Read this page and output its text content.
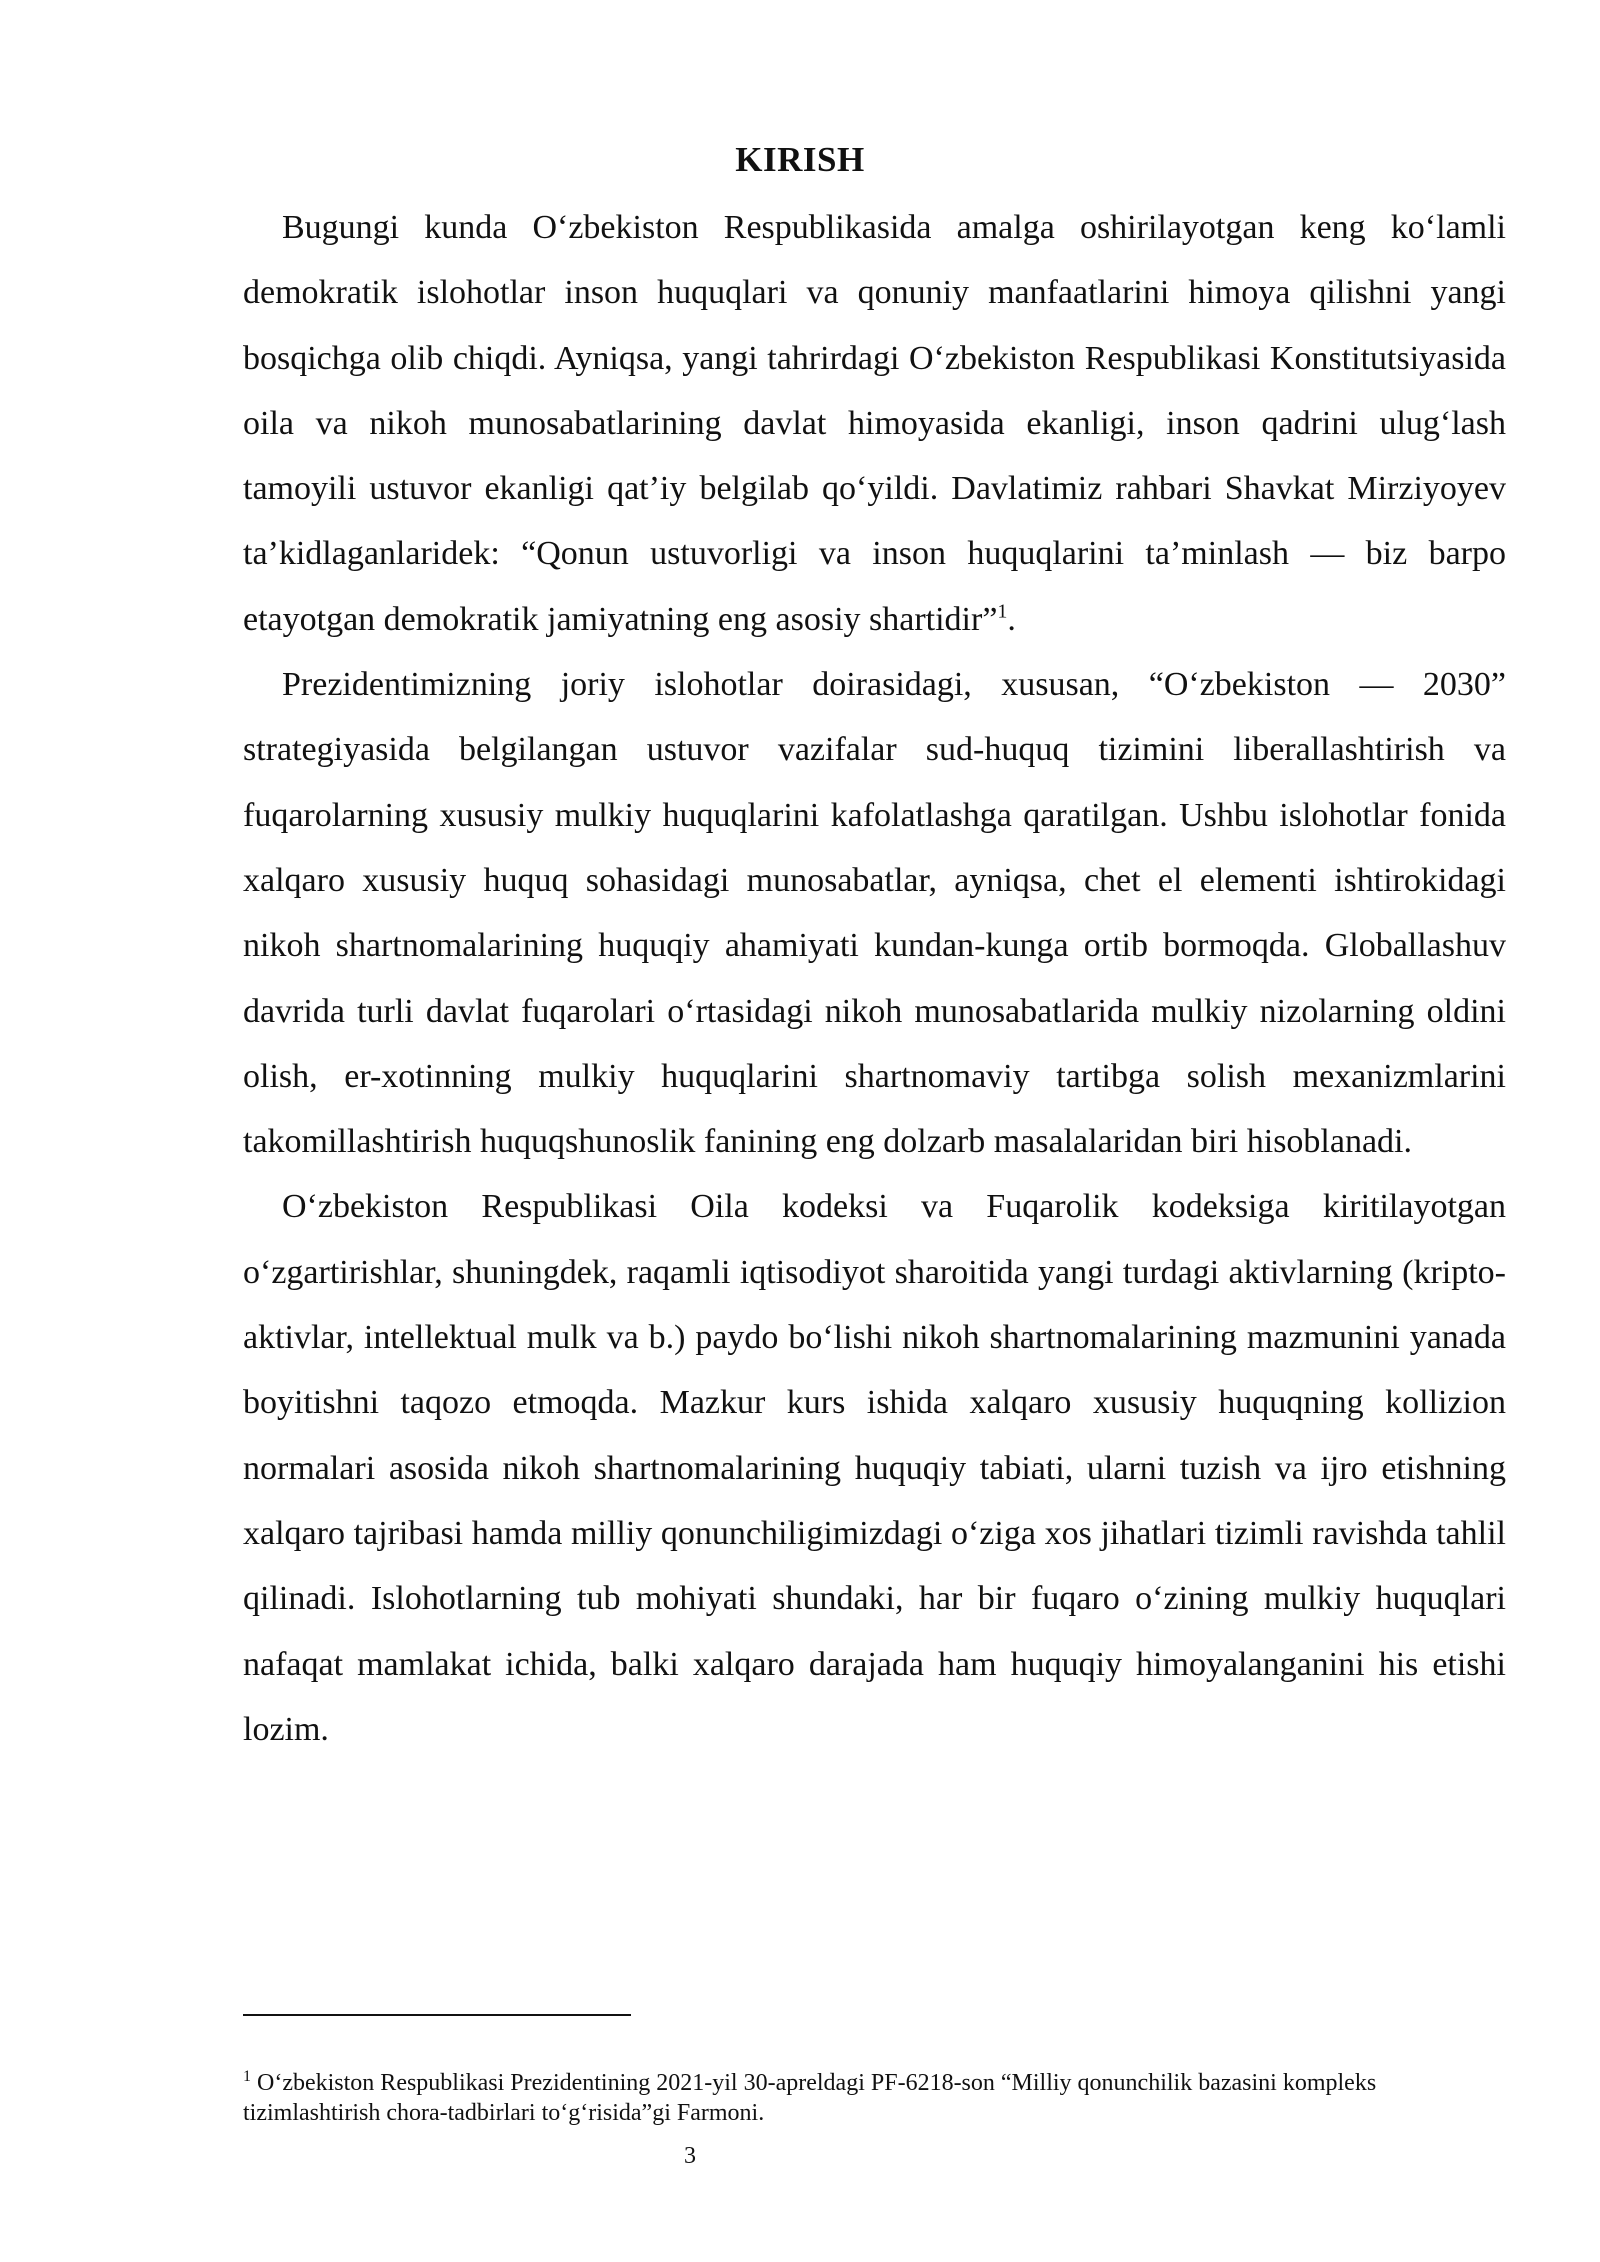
KIRISH

Bugungi kunda O‘zbekiston Respublikasida amalga oshirilayotgan keng ko‘lamli demokratik islohotlar inson huquqlari va qonuniy manfaatlarini himoya qilishni yangi bosqichga olib chiqdi. Ayniqsa, yangi tahrirdagi O‘zbekiston Respublikasi Konstitutsiyasida oila va nikoh munosabatlarining davlat himoyasida ekanligi, inson qadrini ulug‘lash tamoyili ustuvor ekanligi qat’iy belgilab qo‘yildi. Davlatimiz rahbari Shavkat Mirziyoyev ta’kidlaganlaridek: “Qonun ustuvorligi va inson huquqlarini ta’minlash — biz barpo etayotgan demokratik jamiyatning eng asosiy shartidir”$^1$.

Prezidentimizning joriy islohotlar doirasidagi, xususan, “O‘zbekiston — 2030” strategiyasida belgilangan ustuvor vazifalar sud-huquq tizimini liberallashtirish va fuqarolarning xususiy mulkiy huquqlarini kafolatlashga qaratilgan. Ushbu islohotlar fonida xalqaro xususiy huquq sohasidagi munosabatlar, ayniqsa, chet el elementi ishtirokidagi nikoh shartnomalarining huquqiy ahamiyati kundan-kunga ortib bormoqda. Globallashuv davrida turli davlat fuqarolari o‘rtasidagi nikoh munosabatlarida mulkiy nizolarning oldini olish, er-xotinning mulkiy huquqlarini shartnomaviy tartibga solish mexanizmlarini takomillashtirish huquqshunoslik fanining eng dolzarb masalalaridan biri hisoblanadi.

O‘zbekiston Respublikasi Oila kodeksi va Fuqarolik kodeksiga kiritilayotgan o‘zgartirishlar, shuningdek, raqamli iqtisodiyot sharoitida yangi turdagi aktivlarning (kripto-aktivlar, intellektual mulk va b.) paydo bo‘lishi nikoh shartnomalarining mazmunini yanada boyitishni taqozo etmoqda. Mazkur kurs ishida xalqaro xususiy huquqning kollizion normalari asosida nikoh shartnomalarining huquqiy tabiati, ularni tuzish va ijro etishning xalqaro tajribasi hamda milliy qonunchiligimizdagi o‘ziga xos jihatlari tizimli ravishda tahlil qilinadi. Islohotlarning tub mohiyati shundaki, har bir fuqaro o‘zining mulkiy huquqlari nafaqat mamlakat ichida, balki xalqaro darajada ham huquqiy himoyalanganini his etishi lozim.

$^1$ O‘zbekiston Respublikasi Prezidentining 2021-yil 30-apreldagi PF-6218-son “Milliy qonunchilik bazasini kompleks tizimlashtirish chora-tadbirlari to‘g‘risida”gi Farmoni.

3
